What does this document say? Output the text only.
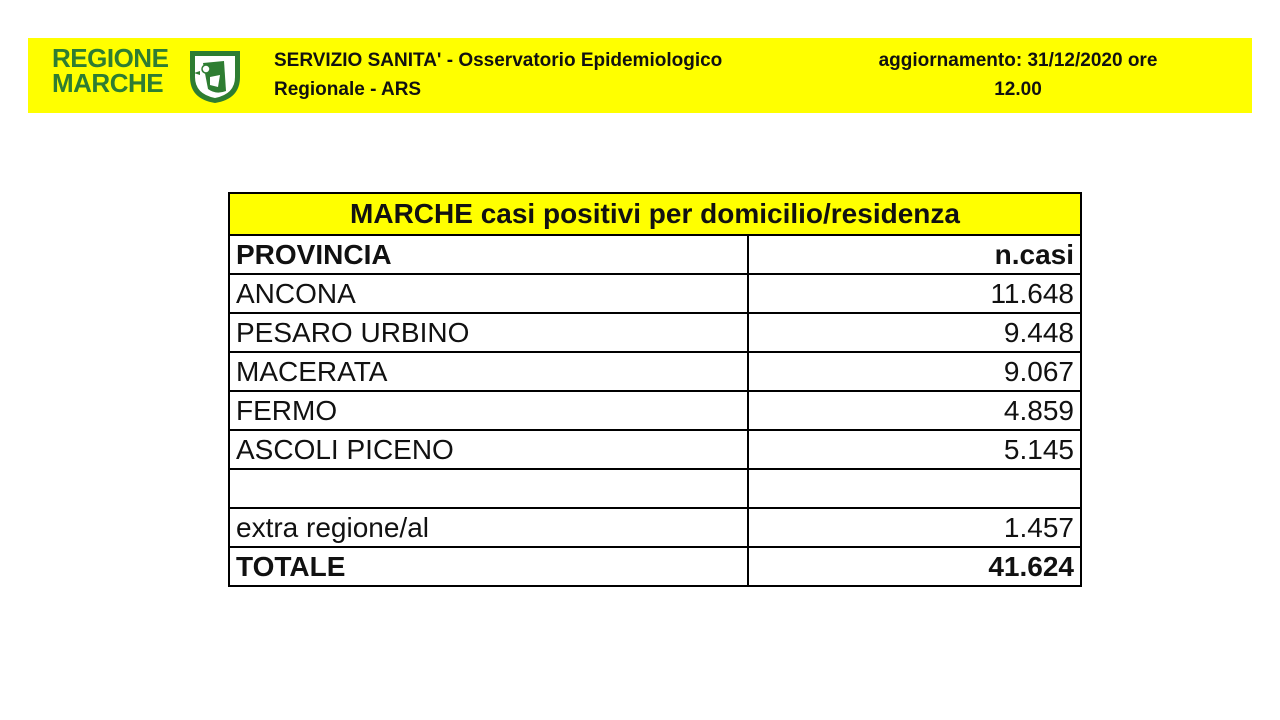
REGIONE
MARCHE
SERVIZIO SANITA' - Osservatorio Epidemiologico
Regionale - ARS
aggiornamento: 31/12/2020 ore
12.00
MARCHE casi positivi per domicilio/residenza	
PROVINCIA	n.casi
ANCONA	11.648
PESARO URBINO	9.448
MACERATA	9.067
FERMO	4.859
ASCOLI PICENO	5.145

extra regione/al	1.457
TOTALE	41.624
